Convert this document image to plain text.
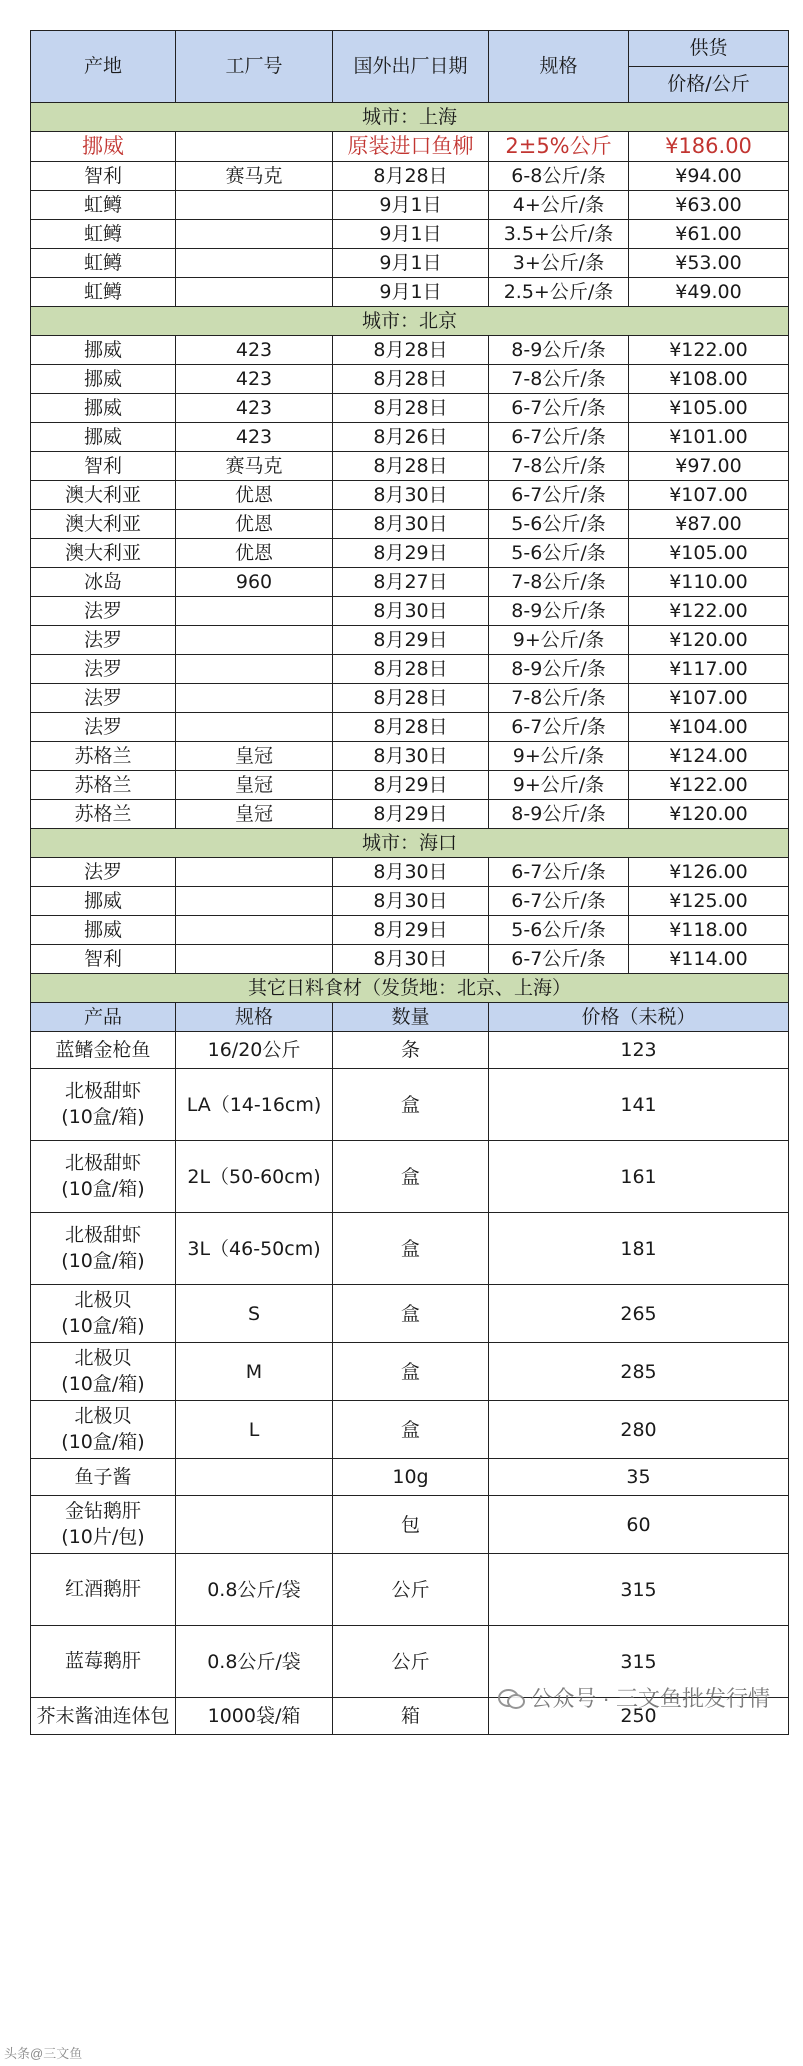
产地	工厂号	国外出厂日期	规格	供货
				价格/公斤
城市：上海				
挪威		原装进口鱼柳	2±5%公斤	¥186.00
智利	赛马克	8月28日	6-8公斤/条	¥94.00
虹鳟		9月1日	4+公斤/条	¥63.00
虹鳟		9月1日	3.5+公斤/条	¥61.00
虹鳟		9月1日	3+公斤/条	¥53.00
虹鳟		9月1日	2.5+公斤/条	¥49.00
城市：北京				
挪威	423	8月28日	8-9公斤/条	¥122.00
挪威	423	8月28日	7-8公斤/条	¥108.00
挪威	423	8月28日	6-7公斤/条	¥105.00
挪威	423	8月26日	6-7公斤/条	¥101.00
智利	赛马克	8月28日	7-8公斤/条	¥97.00
澳大利亚	优恩	8月30日	6-7公斤/条	¥107.00
澳大利亚	优恩	8月30日	5-6公斤/条	¥87.00
澳大利亚	优恩	8月29日	5-6公斤/条	¥105.00
冰岛	960	8月27日	7-8公斤/条	¥110.00
法罗		8月30日	8-9公斤/条	¥122.00
法罗		8月29日	9+公斤/条	¥120.00
法罗		8月28日	8-9公斤/条	¥117.00
法罗		8月28日	7-8公斤/条	¥107.00
法罗		8月28日	6-7公斤/条	¥104.00
苏格兰	皇冠	8月30日	9+公斤/条	¥124.00
苏格兰	皇冠	8月29日	9+公斤/条	¥122.00
苏格兰	皇冠	8月29日	8-9公斤/条	¥120.00
城市：海口				
法罗		8月30日	6-7公斤/条	¥126.00
挪威		8月30日	6-7公斤/条	¥125.00
挪威		8月29日	5-6公斤/条	¥118.00
智利		8月30日	6-7公斤/条	¥114.00
其它日料食材（发货地：北京、上海）				
产品	规格	数量	价格（未税）	
蓝鳍金枪鱼	16/20公斤	条	123	
北极甜虾
(10盒/箱)	LA（14-16cm)	盒	141	
北极甜虾
(10盒/箱)	2L（50-60cm)	盒	161	
北极甜虾
(10盒/箱)	3L（46-50cm)	盒	181	
北极贝
(10盒/箱)	S	盒	265	
北极贝
(10盒/箱)	M	盒	285	
北极贝
(10盒/箱)	L	盒	280	
鱼子酱		10g	35	
金钻鹅肝
(10片/包)		包	60	
红酒鹅肝	0.8公斤/袋	公斤	315	
蓝莓鹅肝	0.8公斤/袋	公斤	315	
芥末酱油连体包	1000袋/箱	箱	250	
公众号 · 三文鱼批发行情
头条@三文鱼
